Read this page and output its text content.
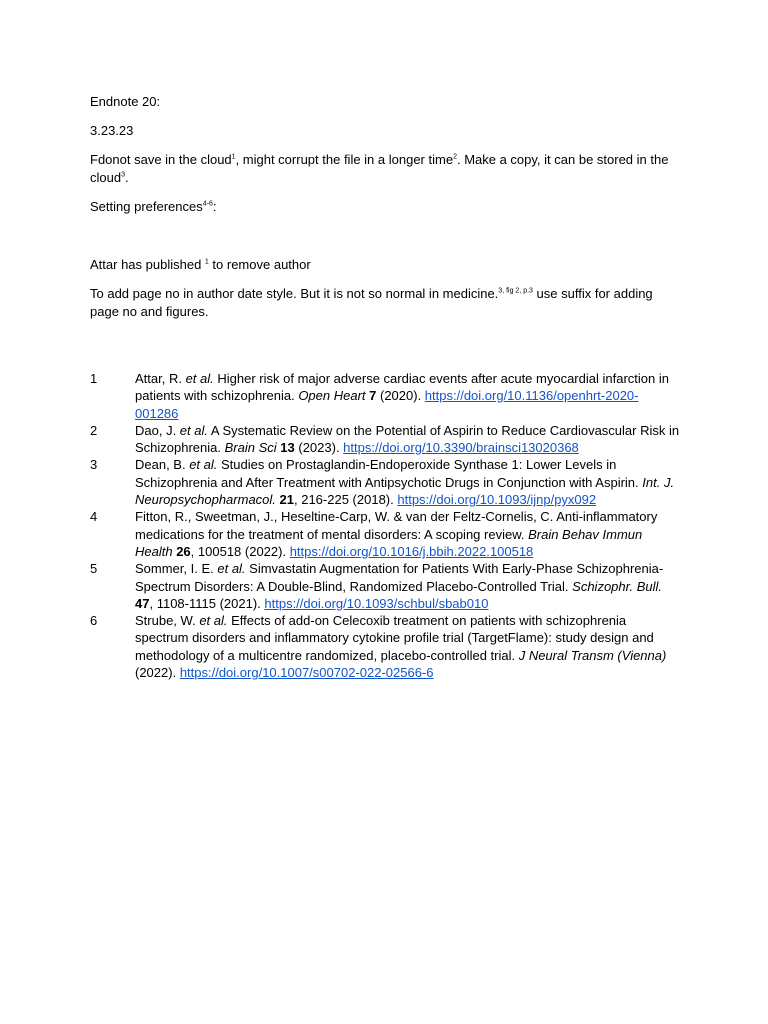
Endnote 20:

3.23.23

Fdonot save in the cloud$^1$, might corrupt the file in a longer time$^2$. Make a copy, it can be stored in the cloud$^3$.

Setting preferences$^{4-6}$:

Attar has published $^1$ to remove author

To add page no in author date style. But it is not so normal in medicine.$^{3, fig 2, p.3}$ use suffix for adding page no and figures.

1	Attar, R. et al. Higher risk of major adverse cardiac events after acute myocardial infarction in patients with schizophrenia. Open Heart 7 (2020). https://doi.org/10.1136/openhrt-2020-001286
2	Dao, J. et al. A Systematic Review on the Potential of Aspirin to Reduce Cardiovascular Risk in Schizophrenia. Brain Sci 13 (2023). https://doi.org/10.3390/brainsci13020368
3	Dean, B. et al. Studies on Prostaglandin-Endoperoxide Synthase 1: Lower Levels in Schizophrenia and After Treatment with Antipsychotic Drugs in Conjunction with Aspirin. Int. J. Neuropsychopharmacol. 21, 216-225 (2018). https://doi.org/10.1093/ijnp/pyx092
4	Fitton, R., Sweetman, J., Heseltine-Carp, W. & van der Feltz-Cornelis, C. Anti-inflammatory medications for the treatment of mental disorders: A scoping review. Brain Behav Immun Health 26, 100518 (2022). https://doi.org/10.1016/j.bbih.2022.100518
5	Sommer, I. E. et al. Simvastatin Augmentation for Patients With Early-Phase Schizophrenia-Spectrum Disorders: A Double-Blind, Randomized Placebo-Controlled Trial. Schizophr. Bull. 47, 1108-1115 (2021). https://doi.org/10.1093/schbul/sbab010
6	Strube, W. et al. Effects of add-on Celecoxib treatment on patients with schizophrenia spectrum disorders and inflammatory cytokine profile trial (TargetFlame): study design and methodology of a multicentre randomized, placebo-controlled trial. J Neural Transm (Vienna) (2022). https://doi.org/10.1007/s00702-022-02566-6
